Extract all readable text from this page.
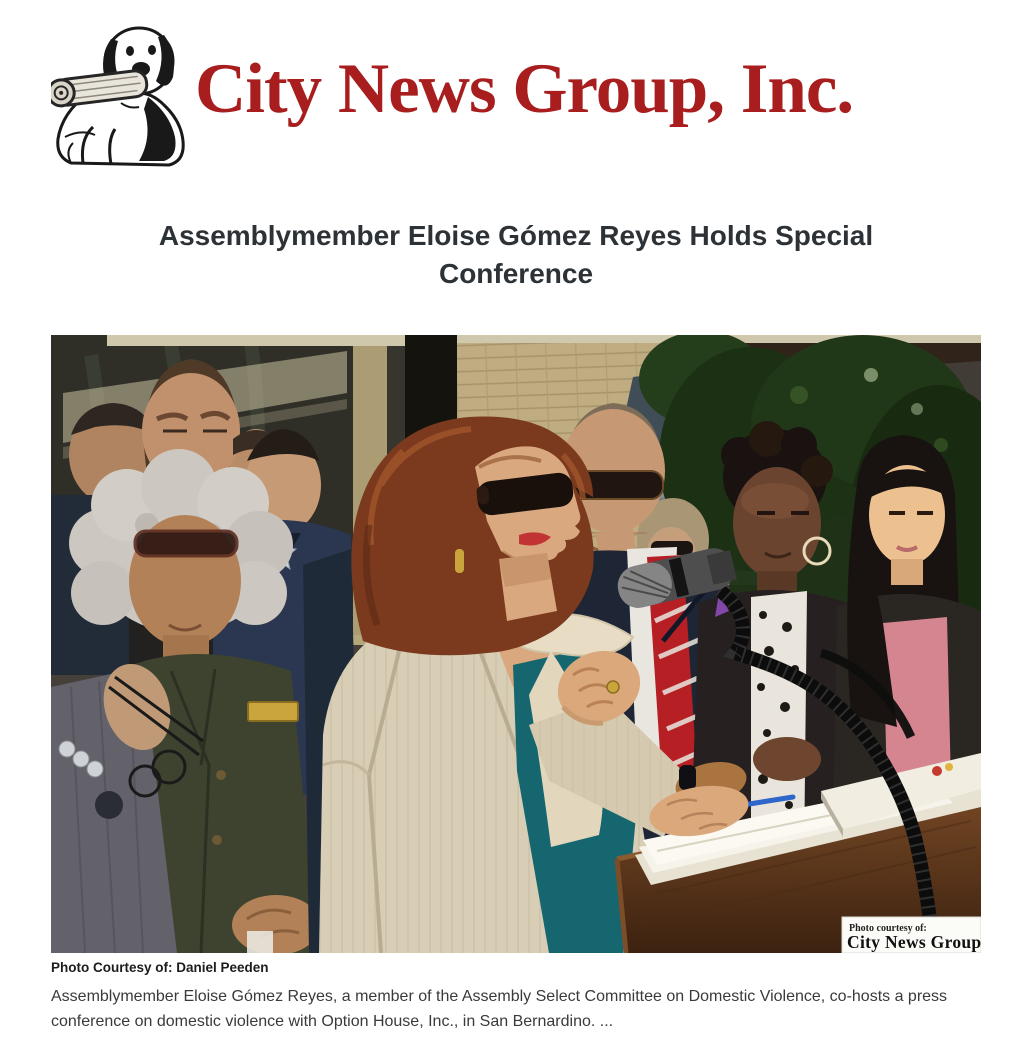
City News Group, Inc.
Assemblymember Eloise Gómez Reyes Holds Special Conference
Photo courtesy of:
City News Group
Photo Courtesy of: Daniel Peeden
Assemblymember Eloise Gómez Reyes, a member of the Assembly Select Committee on Domestic Violence, co-hosts a press conference on domestic violence with Option House, Inc., in San Bernardino. ...
